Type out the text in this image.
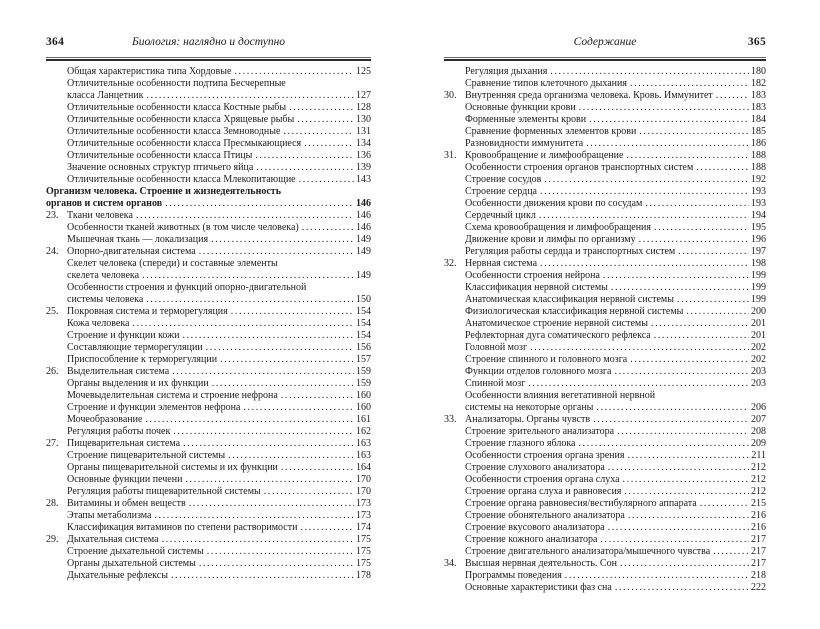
364	Биология: наглядно и доступно
Общая характеристика типа Хордовые .....	125
Отличительные особенности подтипа Бесчерепные
класса Ланцетник .....	127
Отличительные особенности класса Костные рыбы .....	128
Отличительные особенности класса Хрящевые рыбы .....	130
Отличительные особенности класса Земноводные .....	131
Отличительные особенности класса Пресмыкающиеся .....	134
Отличительные особенности класса Птицы .....	136
Значение основных структур птичьего яйца .....	139
Отличительные особенности класса Млекопитающие .....	143
Организм человека. Строение и жизнедеятельность
органов и систем органов .....	146
23. Ткани человека .....	146
Особенности тканей животных (в том числе человека) .....	146
Мышечная ткань — локализация .....	149
24. Опорно-двигательная система .....	149
Скелет человека (спереди) и составные элементы
скелета человека .....	149
Особенности строения и функций опорно-двигательной
системы человека .....	150
25. Покровная система и терморегуляция .....	154
Кожа человека .....	154
Строение и функции кожи .....	154
Составляющие терморегуляции .....	156
Приспособление к терморегуляции .....	157
26. Выделительная система .....	159
Органы выделения и их функции .....	159
Мочевыделительная система и строение нефрона .....	160
Строение и функции элементов нефрона .....	160
Мочеобразование .....	161
Регуляция работы почек .....	162
27. Пищеварительная система .....	163
Строение пищеварительной системы .....	163
Органы пищеварительной системы и их функции .....	164
Основные функции печени .....	170
Регуляция работы пищеварительной системы .....	170
28. Витамины и обмен веществ .....	173
Этапы метаболизма .....	173
Классификация витаминов по степени растворимости .....	174
29. Дыхательная система .....	175
Строение дыхательной системы .....	175
Органы дыхательной системы .....	175
Дыхательные рефлексы .....	178
Содержание	365
Регуляция дыхания .....	180
Сравнение типов клеточного дыхания .....	182
30. Внутренняя среда организма человека. Кровь. Иммунитет .....	183
Основные функции крови .....	183
Форменные элементы крови .....	184
Сравнение форменных элементов крови .....	185
Разновидности иммунитета .....	186
31. Кровообращение и лимфообращение .....	188
Особенности строения органов транспортных систем .....	188
Строение сосудов .....	192
Строение сердца .....	193
Особенности движения крови по сосудам .....	193
Сердечный цикл .....	194
Схема кровообращения и лимфообращения .....	195
Движение крови и лимфы по организму .....	196
Регуляция работы сердца и транспортных систем .....	197
32. Нервная система .....	198
Особенности строения нейрона .....	199
Классификация нервной системы .....	199
Анатомическая классификация нервной системы .....	199
Физиологическая классификация нервной системы .....	200
Анатомическое строение нервной системы .....	201
Рефлекторная дуга соматического рефлекса .....	201
Головной мозг .....	202
Строение спинного и головного мозга .....	202
Функции отделов головного мозга .....	203
Спинной мозг .....	203
Особенности влияния вегетативной нервной
системы на некоторые органы .....	206
33. Анализаторы. Органы чувств .....	207
Строение зрительного анализатора .....	208
Строение глазного яблока .....	209
Особенности строения органа зрения .....	211
Строение слухового анализатора .....	212
Особенности строения органа слуха .....	212
Строение органа слуха и равновесия .....	212
Строение органа равновесия/вестибулярного аппарата .....	215
Строение обонятельного анализатора .....	216
Строение вкусового анализатора .....	216
Строение кожного анализатора .....	217
Строение двигательного анализатора/мышечного чувства .....	217
34. Высшая нервная деятельность. Сон .....	217
Программы поведения .....	218
Основные характеристики фаз сна .....	222
